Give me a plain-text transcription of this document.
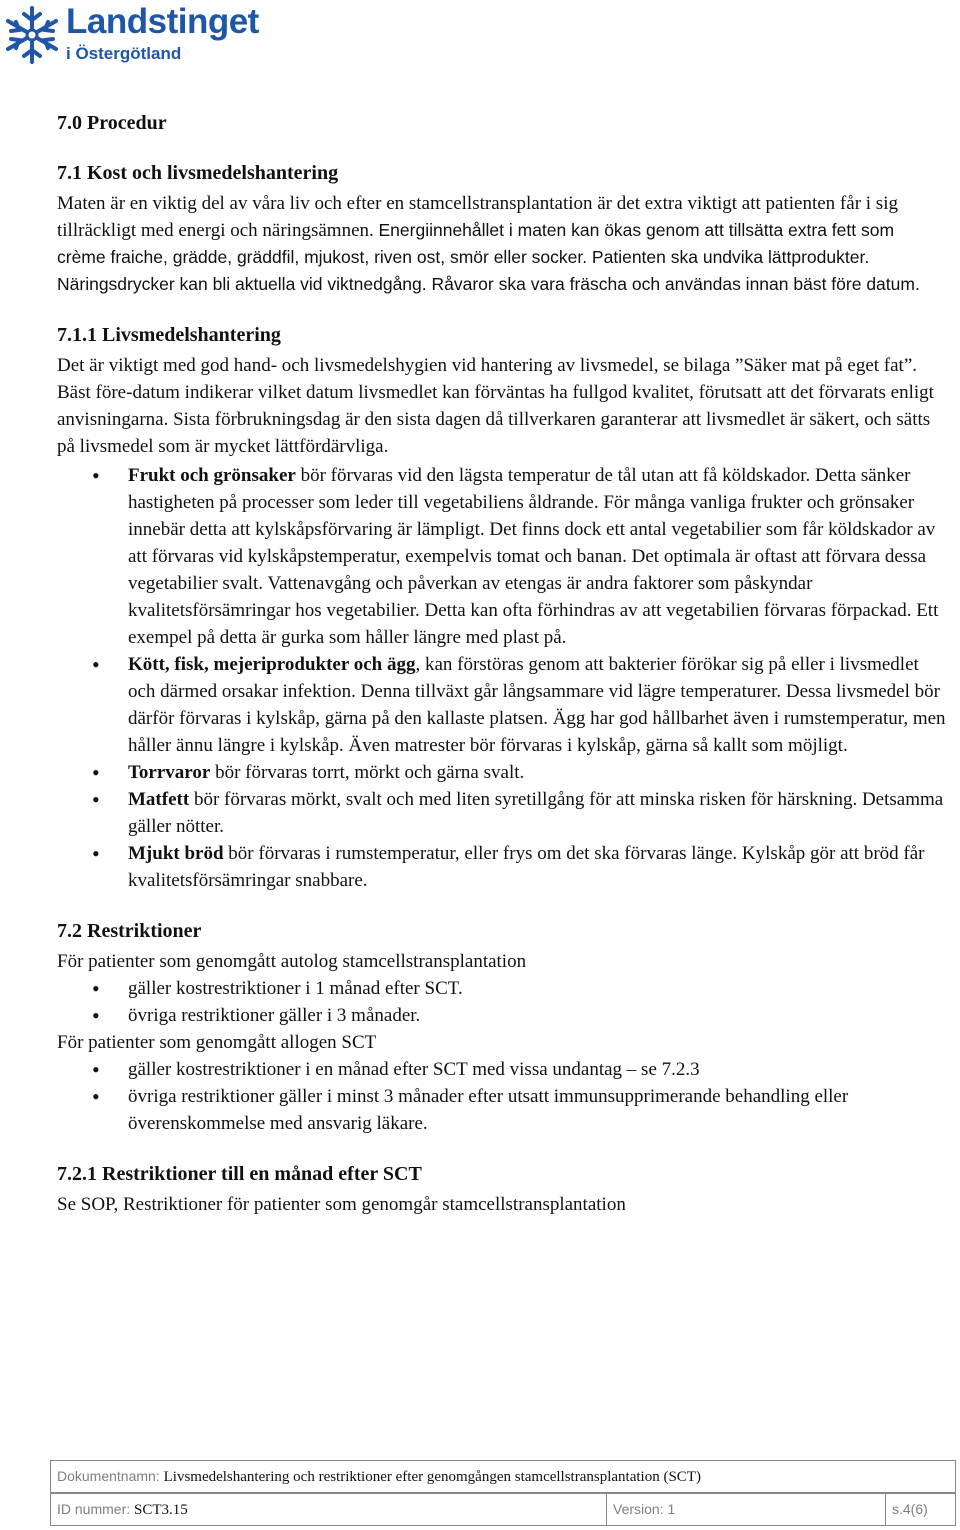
Landstinget
i Östergötland
7.0 Procedur
7.1 Kost och livsmedelshantering

Maten är en viktig del av våra liv och efter en stamcellstransplantation är det extra viktigt att patienten får i sig tillräckligt med energi och näringsämnen. Energiinnehållet i maten kan ökas genom att tillsätta extra fett som crème fraiche, grädde, gräddfil, mjukost, riven ost, smör eller socker. Patienten ska undvika lättprodukter. Näringsdrycker kan bli aktuella vid viktnedgång. Råvaror ska vara fräscha och användas innan bäst före datum.

7.1.1 Livsmedelshantering

Det är viktigt med god hand- och livsmedelshygien vid hantering av livsmedel, se bilaga ”Säker mat på eget fat”.

Bäst före-datum indikerar vilket datum livsmedlet kan förväntas ha fullgod kvalitet, förutsatt att det förvarats enligt anvisningarna. Sista förbrukningsdag är den sista dagen då tillverkaren garanterar att livsmedlet är säkert, och sätts på livsmedel som är mycket lättfördärvliga.

• Frukt och grönsaker bör förvaras vid den lägsta temperatur de tål utan att få köldskador. Detta sänker hastigheten på processer som leder till vegetabiliens åldrande. För många vanliga frukter och grönsaker innebär detta att kylskåpsförvaring är lämpligt. Det finns dock ett antal vegetabilier som får köldskador av att förvaras vid kylskåpstemperatur, exempelvis tomat och banan. Det optimala är oftast att förvara dessa vegetabilier svalt. Vattenavgång och påverkan av etengas är andra faktorer som påskyndar kvalitetsförsämringar hos vegetabilier. Detta kan ofta förhindras av att vegetabilien förvaras förpackad. Ett exempel på detta är gurka som håller längre med plast på.
• Kött, fisk, mejeriprodukter och ägg, kan förstöras genom att bakterier förökar sig på eller i livsmedlet och därmed orsakar infektion. Denna tillväxt går långsammare vid lägre temperaturer. Dessa livsmedel bör därför förvaras i kylskåp, gärna på den kallaste platsen. Ägg har god hållbarhet även i rumstemperatur, men håller ännu längre i kylskåp. Även matrester bör förvaras i kylskåp, gärna så kallt som möjligt.
• Torrvaror bör förvaras torrt, mörkt och gärna svalt.
• Matfett bör förvaras mörkt, svalt och med liten syretillgång för att minska risken för härskning. Detsamma gäller nötter.
• Mjukt bröd bör förvaras i rumstemperatur, eller frys om det ska förvaras länge. Kylskåp gör att bröd får kvalitetsförsämringar snabbare.
7.2 Restriktioner

För patienter som genomgått autolog stamcellstransplantation

• gäller kostrestriktioner i 1 månad efter SCT.
• övriga restriktioner gäller i 3 månader.

För patienter som genomgått allogen SCT

• gäller kostrestriktioner i en månad efter SCT med vissa undantag – se 7.2.3
• övriga restriktioner gäller i minst 3 månader efter utsatt immunsupprimerande behandling eller överenskommelse med ansvarig läkare.
7.2.1 Restriktioner till en månad efter SCT

Se SOP, Restriktioner för patienter som genomgår stamcellstransplantation

Dokumentnamn: Livsmedelshantering och restriktioner efter genomgången stamcellstransplantation (SCT)
ID nummer: SCT3.15	Version: 1	s.4(6)
